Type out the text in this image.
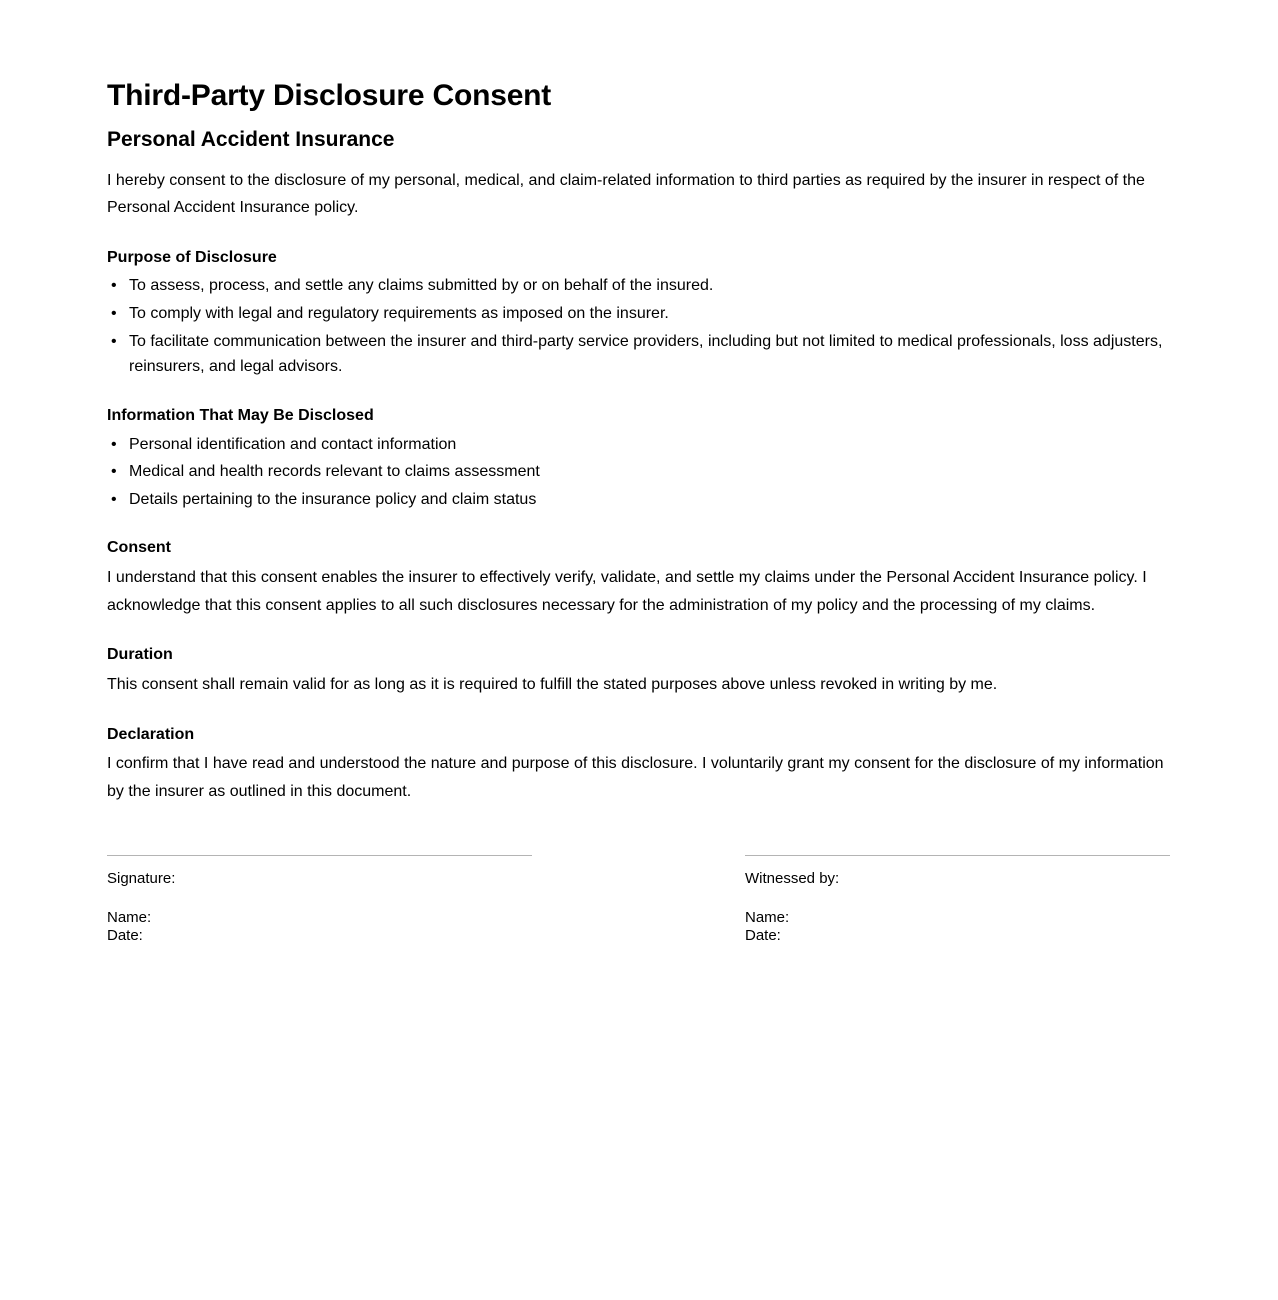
Third-Party Disclosure Consent
Personal Accident Insurance

I hereby consent to the disclosure of my personal, medical, and claim-related information to third parties as required by the insurer in respect of the Personal Accident Insurance policy.

Purpose of Disclosure
• To assess, process, and settle any claims submitted by or on behalf of the insured.
• To comply with legal and regulatory requirements as imposed on the insurer.
• To facilitate communication between the insurer and third-party service providers, including but not limited to medical professionals, loss adjusters, reinsurers, and legal advisors.
Information That May Be Disclosed
• Personal identification and contact information
• Medical and health records relevant to claims assessment
• Details pertaining to the insurance policy and claim status
Consent

I understand that this consent enables the insurer to effectively verify, validate, and settle my claims under the Personal Accident Insurance policy. I acknowledge that this consent applies to all such disclosures necessary for the administration of my policy and the processing of my claims.

Duration

This consent shall remain valid for as long as it is required to fulfill the stated purposes above unless revoked in writing by me.

Declaration

I confirm that I have read and understood the nature and purpose of this disclosure. I voluntarily grant my consent for the disclosure of my information by the insurer as outlined in this document.

Signature:

Name:

Date:

Witnessed by:

Name:

Date:
